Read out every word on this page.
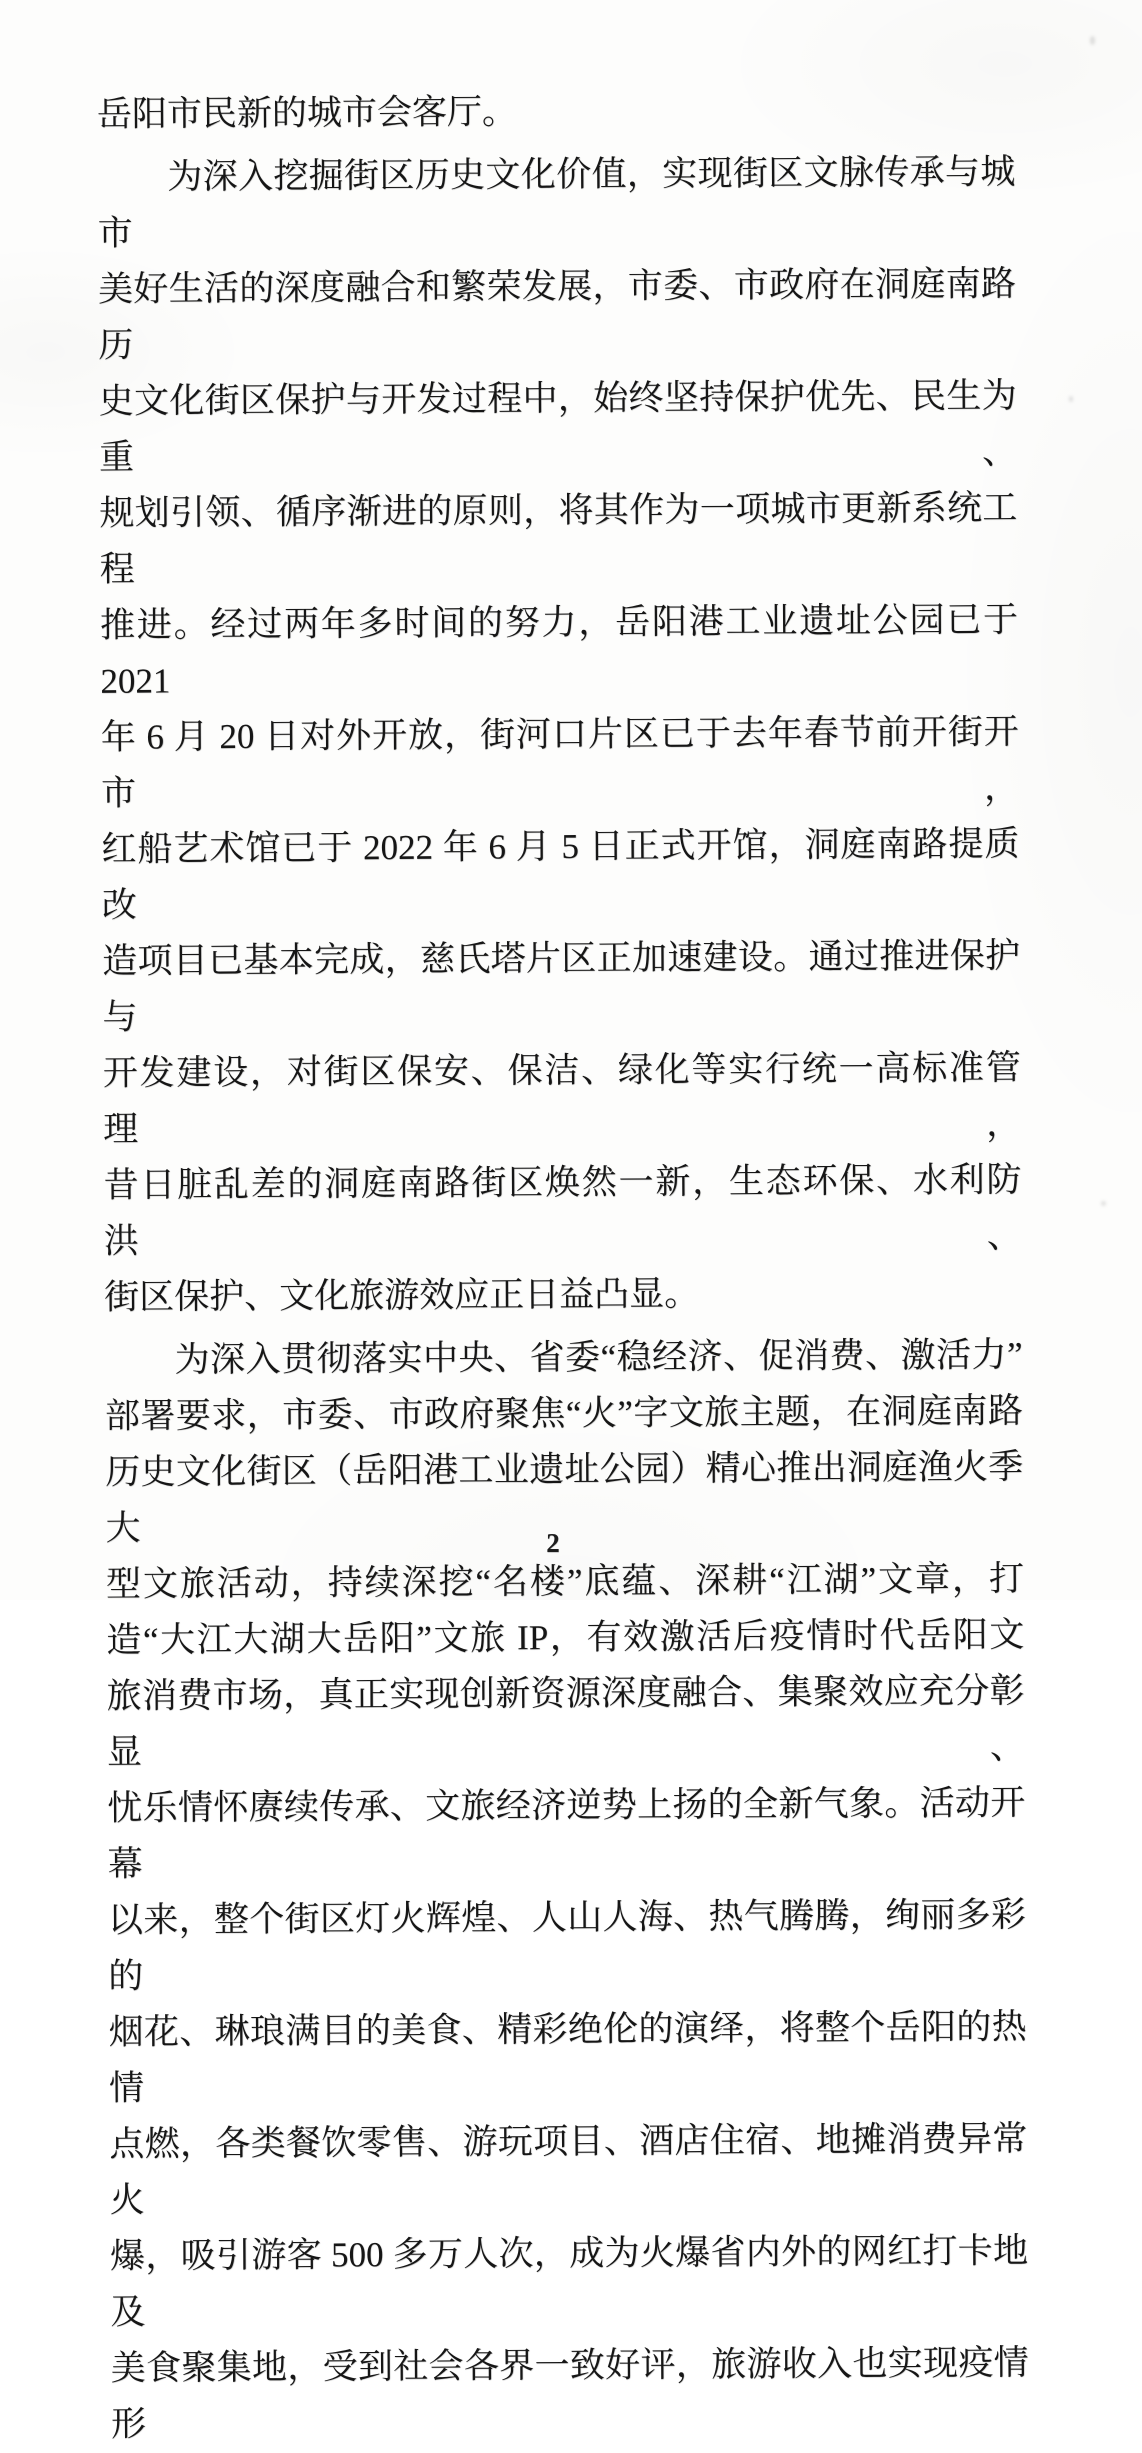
岳阳市民新的城市会客厅。
为深入挖掘街区历史文化价值，实现街区文脉传承与城市
美好生活的深度融合和繁荣发展，市委、市政府在洞庭南路历
史文化街区保护与开发过程中，始终坚持保护优先、民生为重、
规划引领、循序渐进的原则，将其作为一项城市更新系统工程
推进。经过两年多时间的努力，岳阳港工业遗址公园已于 2021
年 6 月 20 日对外开放，街河口片区已于去年春节前开街开市，
红船艺术馆已于 2022 年 6 月 5 日正式开馆，洞庭南路提质改
造项目已基本完成，慈氏塔片区正加速建设。通过推进保护与
开发建设，对街区保安、保洁、绿化等实行统一高标准管理，
昔日脏乱差的洞庭南路街区焕然一新，生态环保、水利防洪、
街区保护、文化旅游效应正日益凸显。
为深入贯彻落实中央、省委“稳经济、促消费、激活力”
部署要求，市委、市政府聚焦“火”字文旅主题，在洞庭南路
历史文化街区（岳阳港工业遗址公园）精心推出洞庭渔火季大
型文旅活动，持续深挖“名楼”底蕴、深耕“江湖”文章，打
造“大江大湖大岳阳”文旅 IP，有效激活后疫情时代岳阳文
旅消费市场，真正实现创新资源深度融合、集聚效应充分彰显、
忧乐情怀赓续传承、文旅经济逆势上扬的全新气象。活动开幕
以来，整个街区灯火辉煌、人山人海、热气腾腾，绚丽多彩的
烟花、琳琅满目的美食、精彩绝伦的演绎，将整个岳阳的热情
点燃，各类餐饮零售、游玩项目、酒店住宿、地摊消费异常火
爆，吸引游客 500 多万人次，成为火爆省内外的网红打卡地及
美食聚集地，受到社会各界一致好评，旅游收入也实现疫情形
2
